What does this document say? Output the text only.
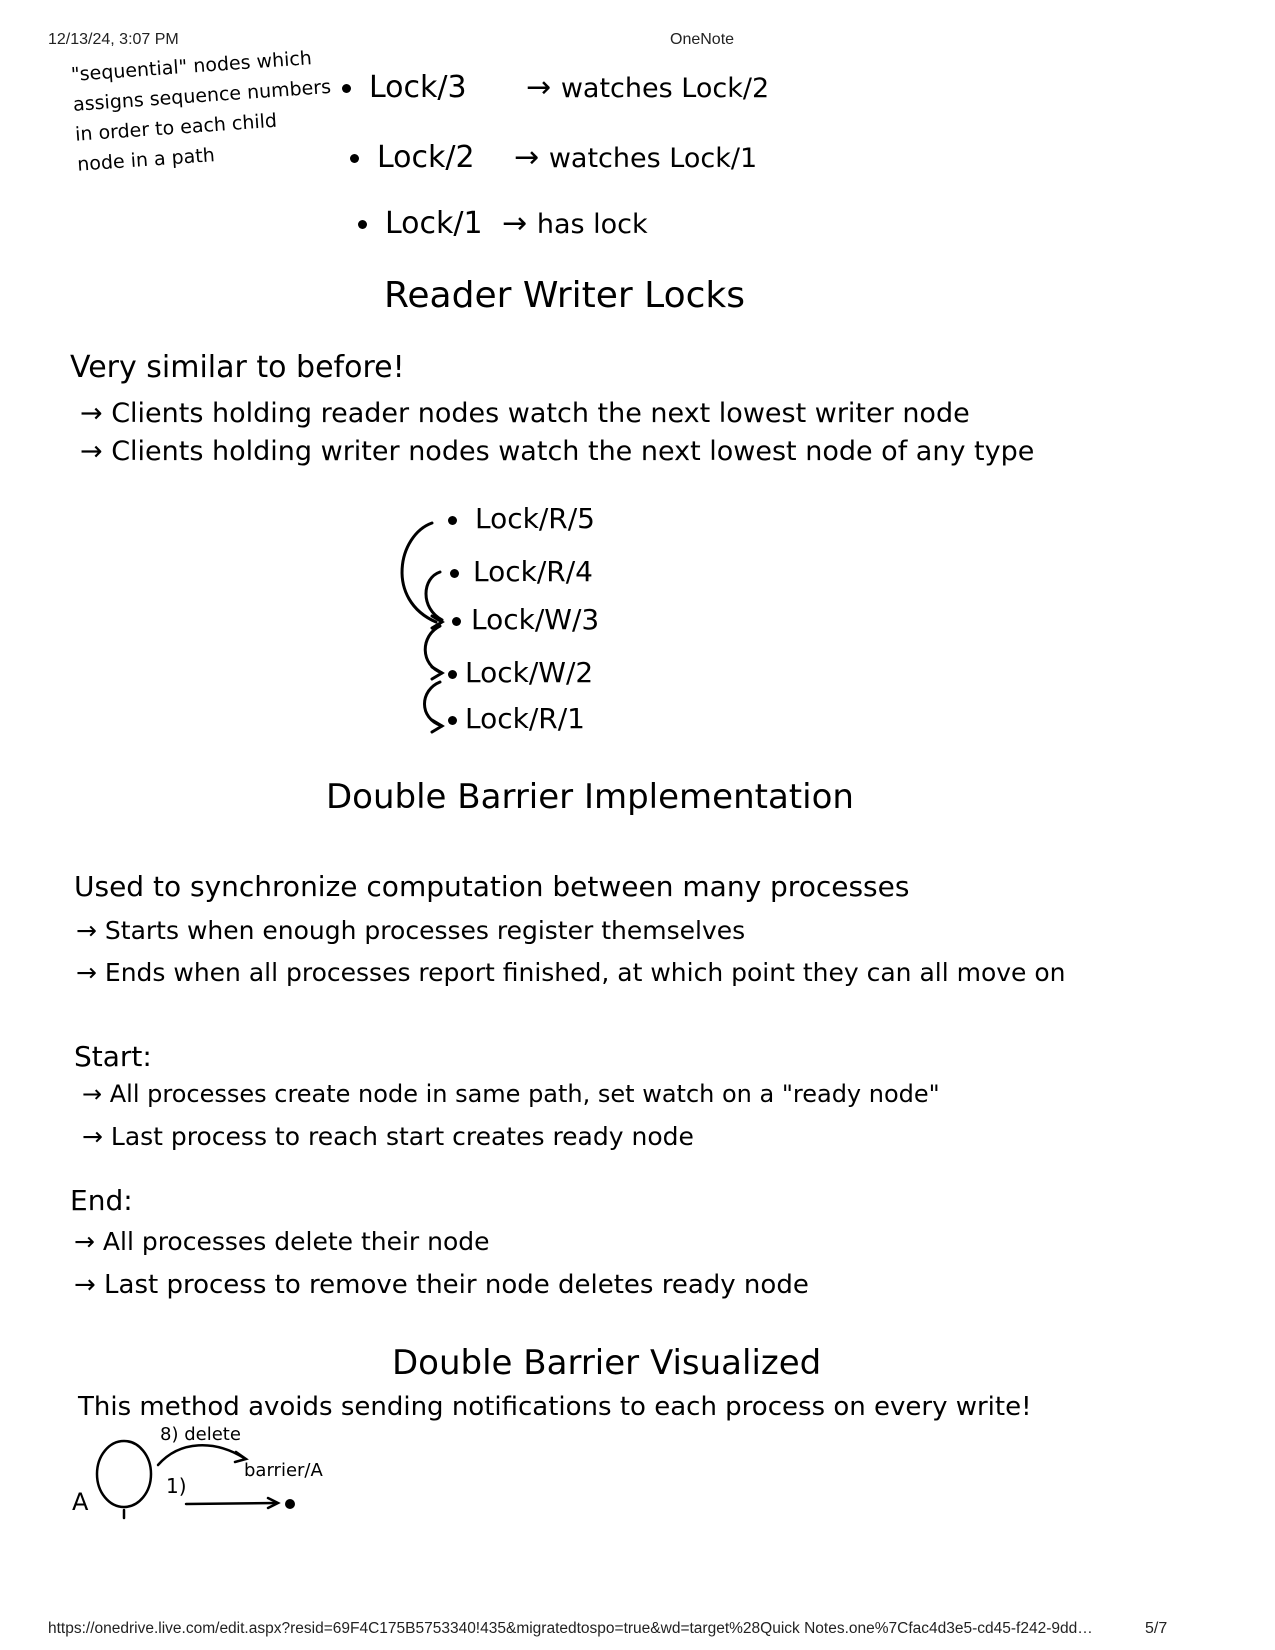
12/13/24, 3:07 PM	OneNote
https://onedrive.live.com/edit.aspx?resid=69F4C175B5753340!435&migratedtospo=true&wd=target%28Quick Notes.one%7Cfac4d3e5-cd45-f242-9dd…	5/7
"sequential" nodes which
assigns sequence numbers
in order to each child
node in a path
Lock/3 → watches Lock/2
Lock/2 → watches Lock/1
Lock/1 → has lock
Reader Writer Locks
Very similar to before!
→ Clients holding reader nodes watch the next lowest writer node
→ Clients holding writer nodes watch the next lowest node of any type
Lock/R/5
Lock/R/4
Lock/W/3
Lock/W/2
Lock/R/1
Double Barrier Implementation
Used to synchronize computation between many processes
→ Starts when enough processes register themselves
→ Ends when all processes report finished, at which point they can all move on
Start:
→ All processes create node in same path, set watch on a "ready node"
→ Last process to reach start creates ready node
End:
→ All processes delete their node
→ Last process to remove their node deletes ready node
Double Barrier Visualized
This method avoids sending notifications to each process on every write!
A
8) delete
1)
barrier/A
